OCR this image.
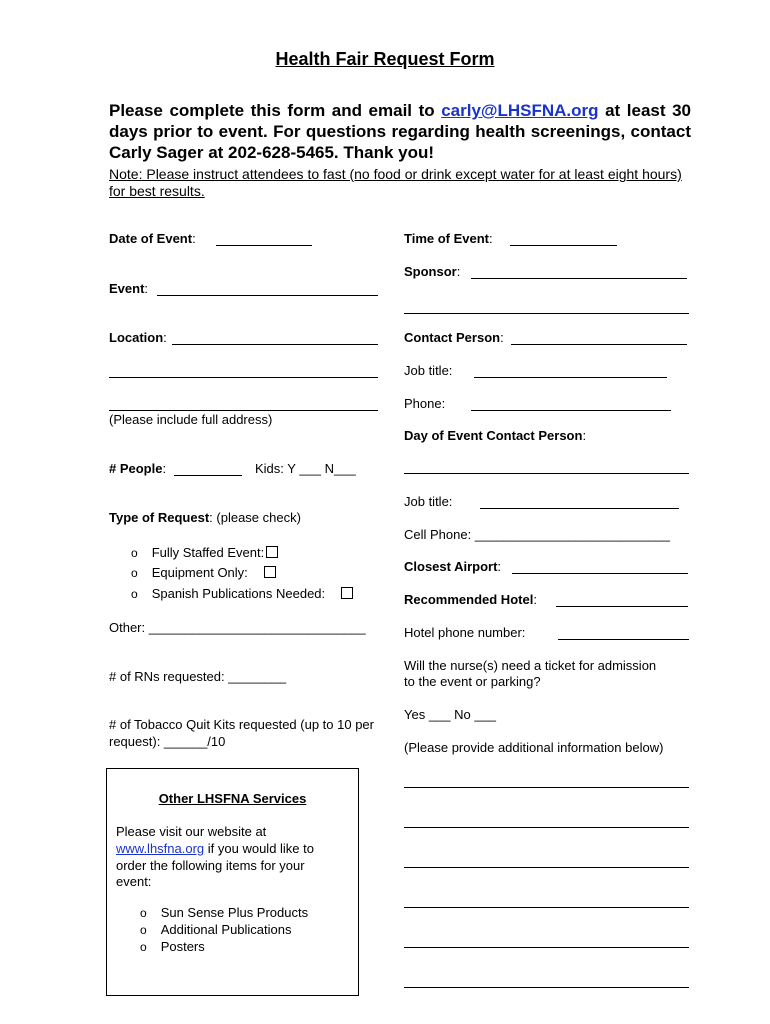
Health Fair Request Form
Please complete this form and email to carly@LHSFNA.org at least 30 days prior to event. For questions regarding health screenings, contact Carly Sager at 202-628-5465. Thank you!
Note: Please instruct attendees to fast (no food or drink except water for at least eight hours) for best results.
Date of Event:
Event:
Location:
(Please include full address)
# People:	Kids: Y ___ N___
Type of Request: (please check)
o Fully Staffed Event:
o Equipment Only:
o Spanish Publications Needed:
Other: ______________________________
# of RNs requested: ________
# of Tobacco Quit Kits requested (up to 10 per
request): ______/10
Time of Event:
Sponsor:
Contact Person:
Job title:
Phone:
Day of Event Contact Person:
Job title:
Cell Phone: ___________________________
Closest Airport:
Recommended Hotel:
Hotel phone number:
Will the nurse(s) need a ticket for admission
to the event or parking?
Yes ___ No ___
(Please provide additional information below)
Other LHSFNA Services
Please visit our website at
www.lhsfna.org if you would like to
order the following items for your
event:
o Sun Sense Plus Products
o Additional Publications
o Posters
